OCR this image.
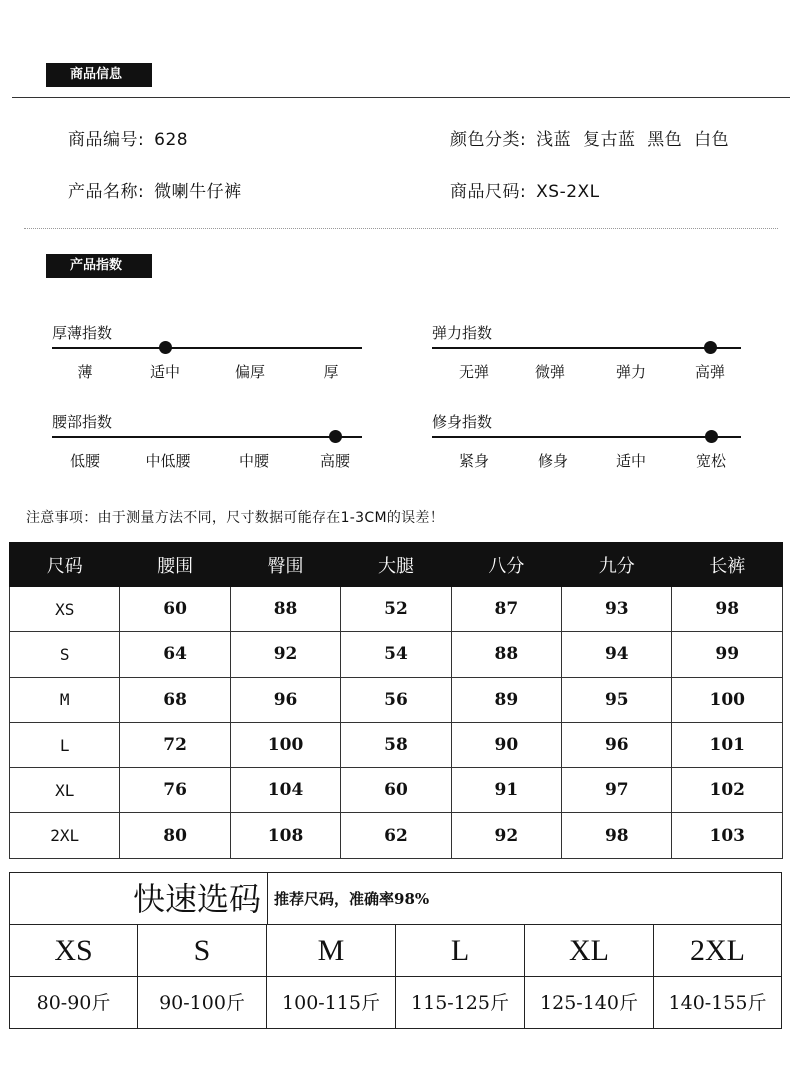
商品信息
商品编号: 628	颜色分类: 浅蓝  复古蓝  黑色  白色
产品名称: 微喇牛仔裤	商品尺码: XS-2XL
产品指数
厚薄指数
薄	适中	偏厚	厚
弹力指数
无弹	微弹	弹力	高弹
腰部指数
低腰	中低腰	中腰	高腰
修身指数
紧身	修身	适中	宽松
注意事项：由于测量方法不同，尺寸数据可能存在1-3CM的误差！
尺码	腰围	臀围	大腿	八分	九分	长裤
XS	60	88	52	87	93	98
S	64	92	54	88	94	99
M	68	96	56	89	95	100
L	72	100	58	90	96	101
XL	76	104	60	91	97	102
2XL	80	108	62	92	98	103
快速选码 推荐尺码，准确率98%
XS	S	M	L	XL	2XL
80-90斤	90-100斤	100-115斤	115-125斤	125-140斤	140-155斤
